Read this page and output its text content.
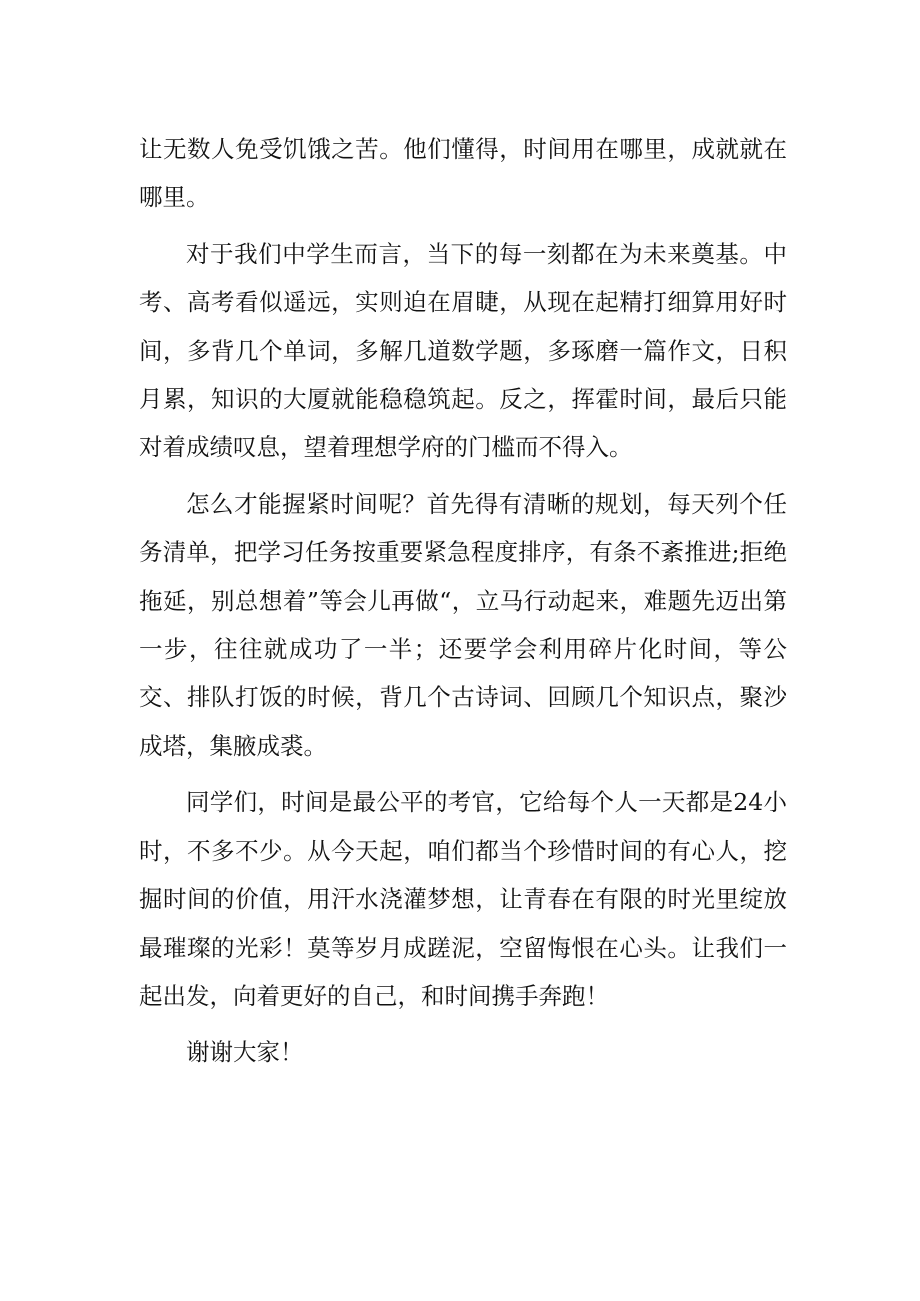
让无数人免受饥饿之苦。他们懂得，时间用在哪里，成就就在哪里。

对于我们中学生而言，当下的每一刻都在为未来奠基。中考、高考看似遥远，实则迫在眉睫，从现在起精打细算用好时间，多背几个单词，多解几道数学题，多琢磨一篇作文，日积月累，知识的大厦就能稳稳筑起。反之，挥霍时间，最后只能对着成绩叹息，望着理想学府的门槛而不得入。

怎么才能握紧时间呢？首先得有清晰的规划，每天列个任务清单，把学习任务按重要紧急程度排序，有条不紊推进;拒绝拖延，别总想着”等会儿再做“，立马行动起来，难题先迈出第一步，往往就成功了一半；还要学会利用碎片化时间，等公交、排队打饭的时候，背几个古诗词、回顾几个知识点，聚沙成塔，集腋成裘。

同学们，时间是最公平的考官，它给每个人一天都是24小时，不多不少。从今天起，咱们都当个珍惜时间的有心人，挖掘时间的价值，用汗水浇灌梦想，让青春在有限的时光里绽放最璀璨的光彩！莫等岁月成蹉泥，空留悔恨在心头。让我们一起出发，向着更好的自己，和时间携手奔跑！

谢谢大家！
